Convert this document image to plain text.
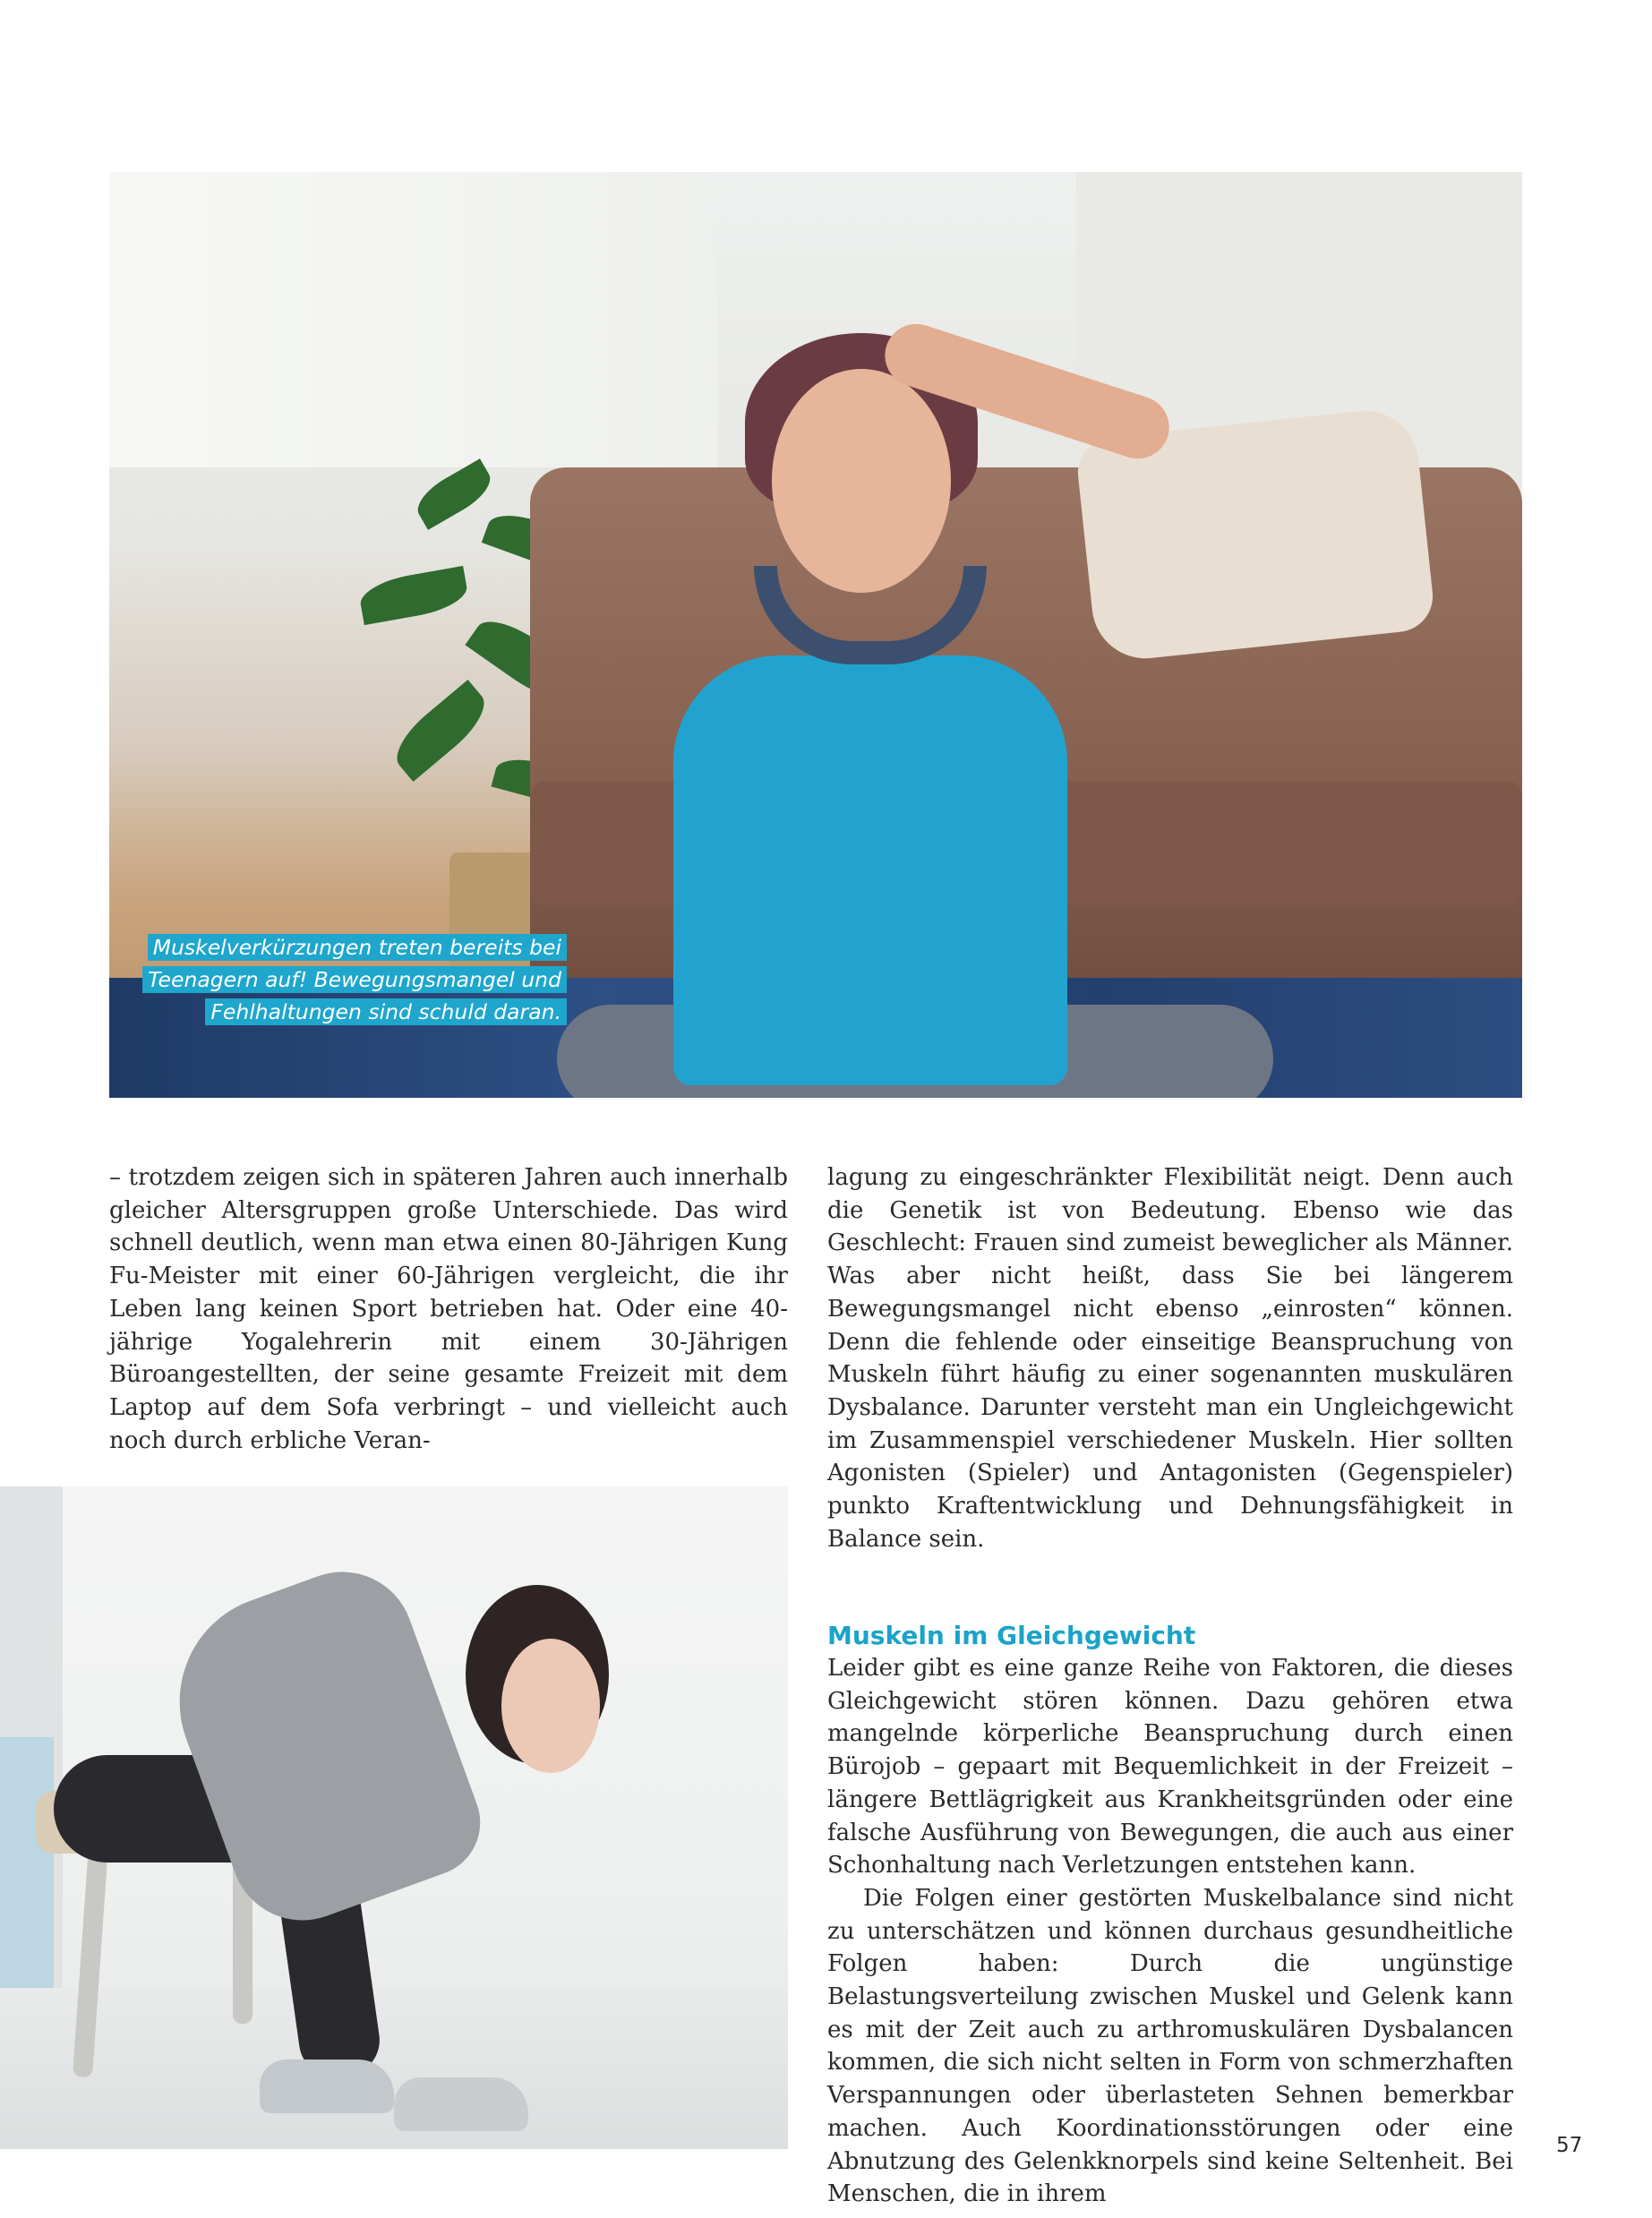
Muskelverkürzungen treten bereits bei
Teenagern auf! Bewegungsmangel und
Fehlhaltungen sind schuld daran.

– trotzdem zeigen sich in späteren Jahren auch innerhalb gleicher Altersgruppen große Unterschiede. Das wird schnell deutlich, wenn man etwa einen 80-Jährigen Kung Fu-Meister mit einer 60-Jährigen vergleicht, die ihr Leben lang keinen Sport betrieben hat. Oder eine 40-jährige Yogalehrerin mit einem 30-Jährigen Büroangestellten, der seine gesamte Freizeit mit dem Laptop auf dem Sofa verbringt – und vielleicht auch noch durch erbliche Veran-

lagung zu eingeschränkter Flexibilität neigt. Denn auch die Genetik ist von Bedeutung. Ebenso wie das Geschlecht: Frauen sind zumeist beweglicher als Männer. Was aber nicht heißt, dass Sie bei längerem Bewegungsmangel nicht ebenso „einrosten“ können. Denn die fehlende oder einseitige Beanspruchung von Muskeln führt häufig zu einer sogenannten muskulären Dysbalance. Darunter versteht man ein Ungleichgewicht im Zusammenspiel verschiedener Muskeln. Hier sollten Agonisten (Spieler) und Antagonisten (Gegenspieler) punkto Kraftentwicklung und Dehnungsfähigkeit in Balance sein.

Muskeln im Gleichgewicht

Leider gibt es eine ganze Reihe von Faktoren, die dieses Gleichgewicht stören können. Dazu gehören etwa mangelnde körperliche Beanspruchung durch einen Bürojob – gepaart mit Bequemlichkeit in der Freizeit – längere Bettlägrigkeit aus Krankheitsgründen oder eine falsche Ausführung von Bewegungen, die auch aus einer Schonhaltung nach Verletzungen entstehen kann.

Die Folgen einer gestörten Muskelbalance sind nicht zu unterschätzen und können durchaus gesundheitliche Folgen haben: Durch die ungünstige Belastungsverteilung zwischen Muskel und Gelenk kann es mit der Zeit auch zu arthromuskulären Dysbalancen kommen, die sich nicht selten in Form von schmerzhaften Verspannungen oder überlasteten Sehnen bemerkbar machen. Auch Koordinationsstörungen oder eine Abnutzung des Gelenkknorpels sind keine Seltenheit. Bei Menschen, die in ihrem

57
